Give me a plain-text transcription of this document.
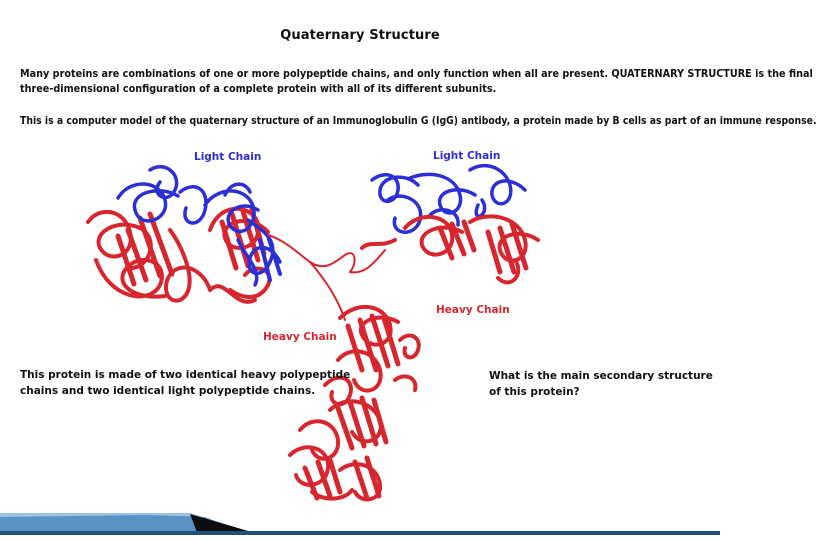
Quaternary Structure
Many proteins are combinations of one or more polypeptide chains, and only function when all are present. QUATERNARY STRUCTURE is the final
three-dimensional configuration of a complete protein with all of its different subunits.
This is a computer model of the quaternary structure of an Immunoglobulin G (IgG) antibody, a protein made by B cells as part of an immune response.
Light Chain	Light Chain
Heavy Chain
Heavy Chain
This protein is made of two identical heavy polypeptide
chains and two identical light polypeptide chains.
What is the main secondary structure
of this protein?
